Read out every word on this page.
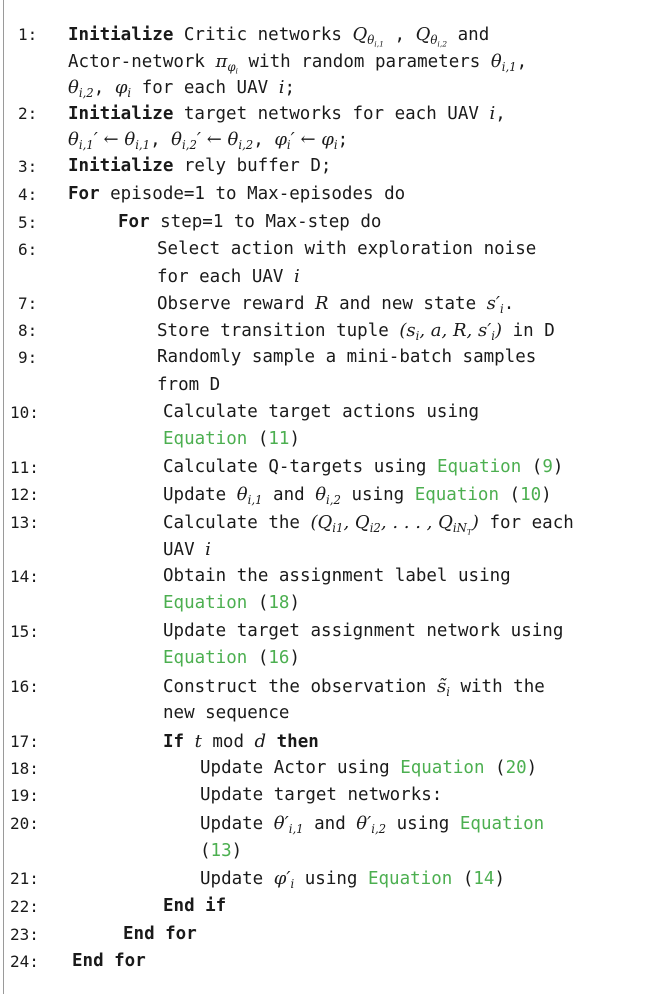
1: Initialize Critic networks $Q_{\theta_{i,1}}$ , $Q_{\theta_{i,2}}$ and
Actor-network $\pi_{\varphi_i}$ with random parameters $\theta_{i,1}$,
$\theta_{i,2}$, $\varphi_i$ for each UAV i;
2: Initialize target networks for each UAV i,
$\theta_{i,1}'$ ← $\theta_{i,1}$, $\theta_{i,2}'$ ← $\theta_{i,2}$, $\varphi_i'$ ← $\varphi_i$;
3: Initialize rely buffer D;
4: For episode=1 to Max-episodes do
5:	For step=1 to Max-step do
6:	Select action with exploration noise
for each UAV i
7:	Observe reward R and new state $s'_i$.
8:	Store transition tuple ($s_i$, a, R, $s'_i$) in D
9:	Randomly sample a mini-batch samples
from D
10:	Calculate target actions using
Equation (11)
11:	Calculate Q-targets using Equation (9)
12:	Update $\theta_{i,1}$ and $\theta_{i,2}$ using Equation (10)
13:	Calculate the ($Q_{i1}$, $Q_{i2}$, . . . , $Q_{iN_T}$) for each
UAV i
14:	Obtain the assignment label using
Equation (18)
15:	Update target assignment network using
Equation (16)
16:	Construct the observation $s̃_i$ with the
new sequence
17:	If t mod d then
18:	Update Actor using Equation (20)
19:	Update target networks:
20:	Update $\theta'_{i,1}$ and $\theta'_{i,2}$ using Equation
(13)
21:	Update $\varphi'_i$ using Equation (14)
22:	End if
23:	End for
24: End for
